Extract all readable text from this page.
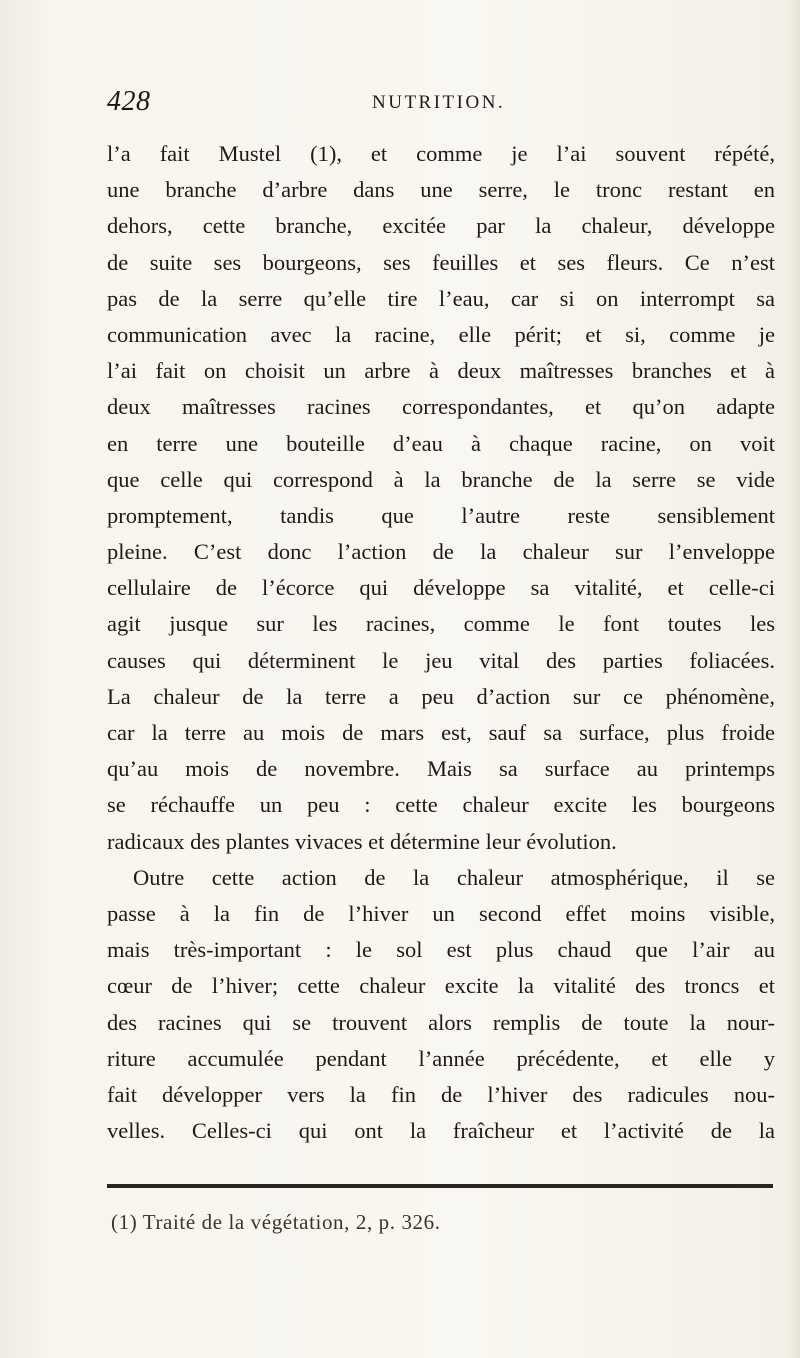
428	NUTRITION.
l’a fait Mustel (1), et comme je l’ai souvent répété,
une branche d’arbre dans une serre, le tronc restant en
dehors, cette branche, excitée par la chaleur, développe
de suite ses bourgeons, ses feuilles et ses fleurs. Ce n’est
pas de la serre qu’elle tire l’eau, car si on interrompt sa
communication avec la racine, elle périt; et si, comme je
l’ai fait on choisit un arbre à deux maîtresses branches et à
deux maîtresses racines correspondantes, et qu’on adapte
en terre une bouteille d’eau à chaque racine, on voit
que celle qui correspond à la branche de la serre se vide
promptement, tandis que l’autre reste sensiblement
pleine. C’est donc l’action de la chaleur sur l’enveloppe
cellulaire de l’écorce qui développe sa vitalité, et celle-ci
agit jusque sur les racines, comme le font toutes les
causes qui déterminent le jeu vital des parties foliacées.
La chaleur de la terre a peu d’action sur ce phénomène,
car la terre au mois de mars est, sauf sa surface, plus froide
qu’au mois de novembre. Mais sa surface au printemps
se réchauffe un peu : cette chaleur excite les bourgeons
radicaux des plantes vivaces et détermine leur évolution.
Outre cette action de la chaleur atmosphérique, il se
passe à la fin de l’hiver un second effet moins visible,
mais très-important : le sol est plus chaud que l’air au
cœur de l’hiver; cette chaleur excite la vitalité des troncs et
des racines qui se trouvent alors remplis de toute la nour-
riture accumulée pendant l’année précédente, et elle y
fait développer vers la fin de l’hiver des radicules nou-
velles. Celles-ci qui ont la fraîcheur et l’activité de la
(1) Traité de la végétation, 2, p. 326.
